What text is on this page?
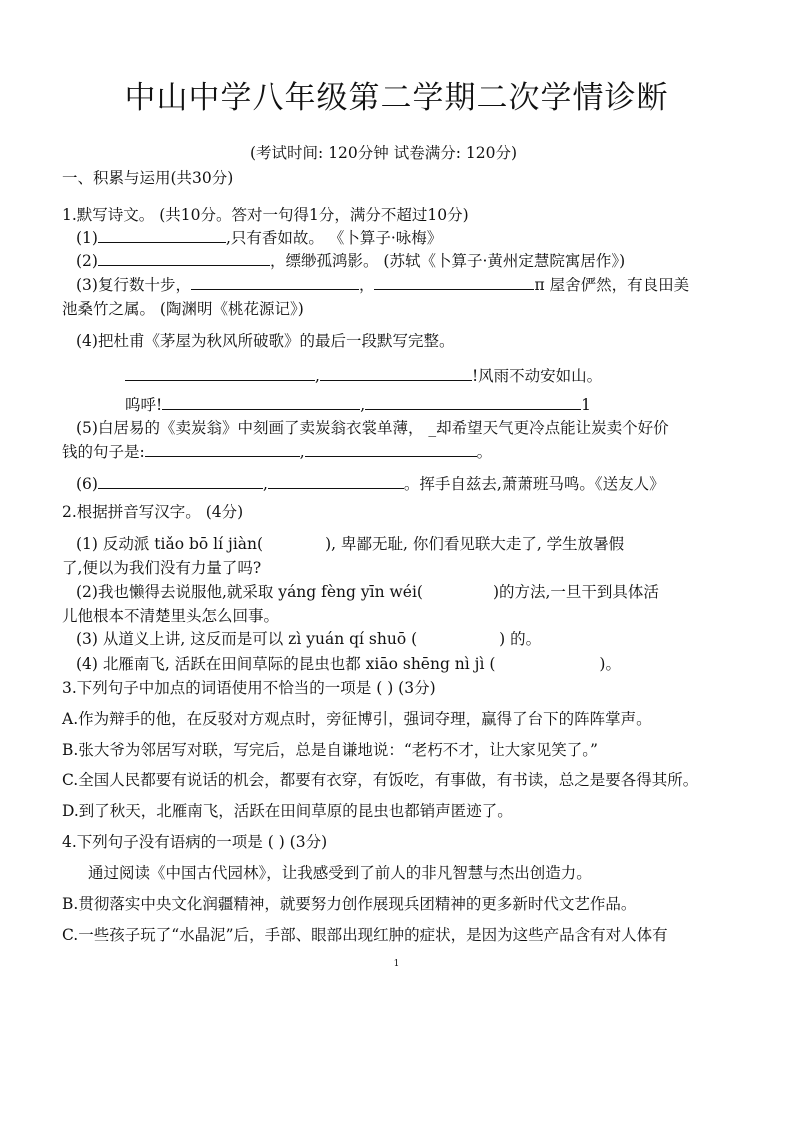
中山中学八年级第二学期二次学情诊断
(考试时间: 120分钟 试卷满分: 120分)
一、积累与运用(共30分)
1.默写诗文。 (共10分。答对一句得1分，满分不超过10分)
(1)	,只有香如故。 《卜算子·咏梅》
(2)	，缥缈孤鸿影。 (苏轼《卜算子·黄州定慧院寓居作》)
(3)复行数十步，	，	π 屋舍俨然，有良田美
池桑竹之属。 (陶渊明《桃花源记》)
(4)把杜甫《茅屋为秋风所破歌》的最后一段默写完整。
,	!风雨不动安如山。
呜呼!	,	1
(5)白居易的《卖炭翁》中刻画了卖炭翁衣裳单薄， _却希望天气更冷点能让炭卖个好价
钱的句子是:	,	。
(6)	,	。挥手自兹去,萧萧班马鸣。《送友人》
2.根据拼音写汉字。 (4分)
(1) 反动派 tiǎo bō lí jiàn(	), 卑鄙无耻, 你们看见联大走了, 学生放暑假
了,便以为我们没有力量了吗?
(2)我也懒得去说服他,就采取 yáng fèng yīn wéi(	)的方法,一旦干到具体活
儿他根本不清楚里头怎么回事。
(3) 从道义上讲, 这反而是可以 zì yuán qí shuō (	) 的。
(4) 北雁南飞, 活跃在田间草际的昆虫也都 xiāo shēng nì jì (	)。
3.下列句子中加点的词语使用不恰当的一项是 ( ) (3分)
A.作为辩手的他，在反驳对方观点时，旁征博引，强词夺理，赢得了台下的阵阵掌声。
B.张大爷为邻居写对联，写完后，总是自谦地说：“老朽不才，让大家见笑了。”
C.全国人民都要有说话的机会，都要有衣穿，有饭吃，有事做，有书读，总之是要各得其所。
D.到了秋天，北雁南飞，活跃在田间草原的昆虫也都销声匿迹了。
4.下列句子没有语病的一项是 ( ) (3分)
通过阅读《中国古代园林》，让我感受到了前人的非凡智慧与杰出创造力。
B.贯彻落实中央文化润疆精神，就要努力创作展现兵团精神的更多新时代文艺作品。
C.一些孩子玩了“水晶泥”后，手部、眼部出现红肿的症状，是因为这些产品含有对人体有
1
